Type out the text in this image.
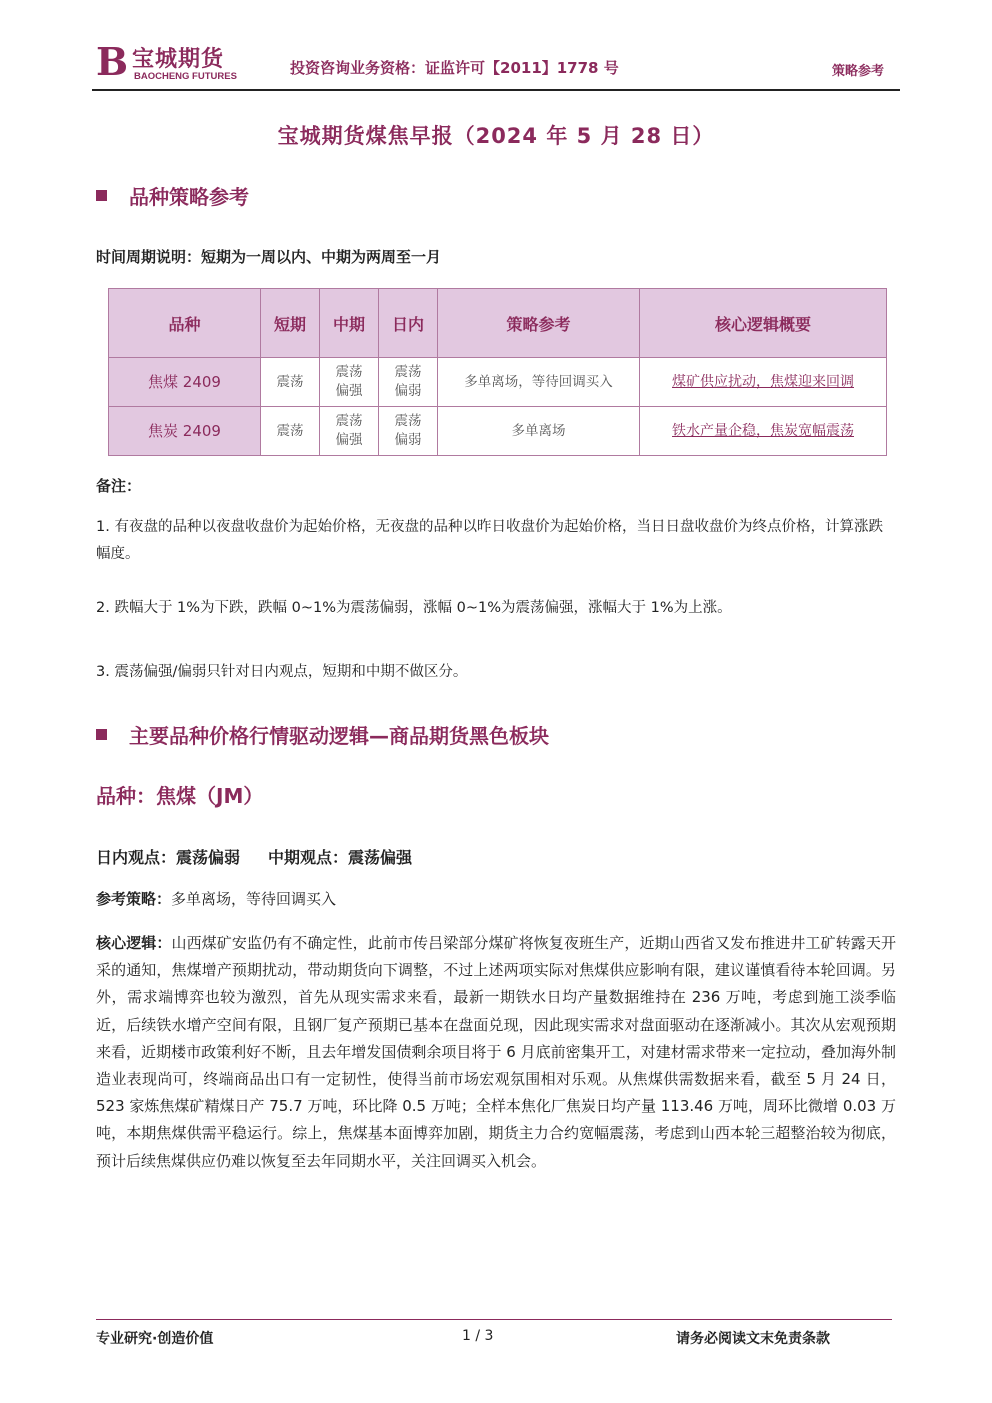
B 宝城期货
BAOCHENG FUTURES	投资咨询业务资格：证监许可【2011】1778 号	策略参考
宝城期货煤焦早报（2024 年 5 月 28 日）
品种策略参考
时间周期说明：短期为一周以内、中期为两周至一月
品种	短期	中期	日内	策略参考	核心逻辑概要
焦煤 2409	震荡	震荡偏强	震荡偏弱	多单离场，等待回调买入	煤矿供应扰动，焦煤迎来回调
焦炭 2409	震荡	震荡偏强	震荡偏弱	多单离场	铁水产量企稳，焦炭宽幅震荡
备注：
1. 有夜盘的品种以夜盘收盘价为起始价格，无夜盘的品种以昨日收盘价为起始价格，当日日盘收盘价为终点价格，计算涨跌幅度。
2. 跌幅大于 1%为下跌，跌幅 0~1%为震荡偏弱，涨幅 0~1%为震荡偏强，涨幅大于 1%为上涨。
3. 震荡偏强/偏弱只针对日内观点，短期和中期不做区分。
主要品种价格行情驱动逻辑—商品期货黑色板块
品种：焦煤（JM）
日内观点：震荡偏弱 中期观点：震荡偏强
参考策略：多单离场，等待回调买入
核心逻辑：山西煤矿安监仍有不确定性，此前市传吕梁部分煤矿将恢复夜班生产，近期山西省又发布推进井工矿转露天开采的通知，焦煤增产预期扰动，带动期货向下调整，不过上述两项实际对焦煤供应影响有限，建议谨慎看待本轮回调。另外，需求端博弈也较为激烈，首先从现实需求来看，最新一期铁水日均产量数据维持在 236 万吨，考虑到施工淡季临近，后续铁水增产空间有限，且钢厂复产预期已基本在盘面兑现，因此现实需求对盘面驱动在逐渐减小。其次从宏观预期来看，近期楼市政策利好不断，且去年增发国债剩余项目将于 6 月底前密集开工，对建材需求带来一定拉动，叠加海外制造业表现尚可，终端商品出口有一定韧性，使得当前市场宏观氛围相对乐观。从焦煤供需数据来看，截至 5 月 24 日，523 家炼焦煤矿精煤日产 75.7 万吨，环比降 0.5 万吨；全样本焦化厂焦炭日均产量 113.46 万吨，周环比微增 0.03 万吨，本期焦煤供需平稳运行。综上，焦煤基本面博弈加剧，期货主力合约宽幅震荡，考虑到山西本轮三超整治较为彻底，预计后续焦煤供应仍难以恢复至去年同期水平，关注回调买入机会。
专业研究·创造价值	1 / 3	请务必阅读文末免责条款
